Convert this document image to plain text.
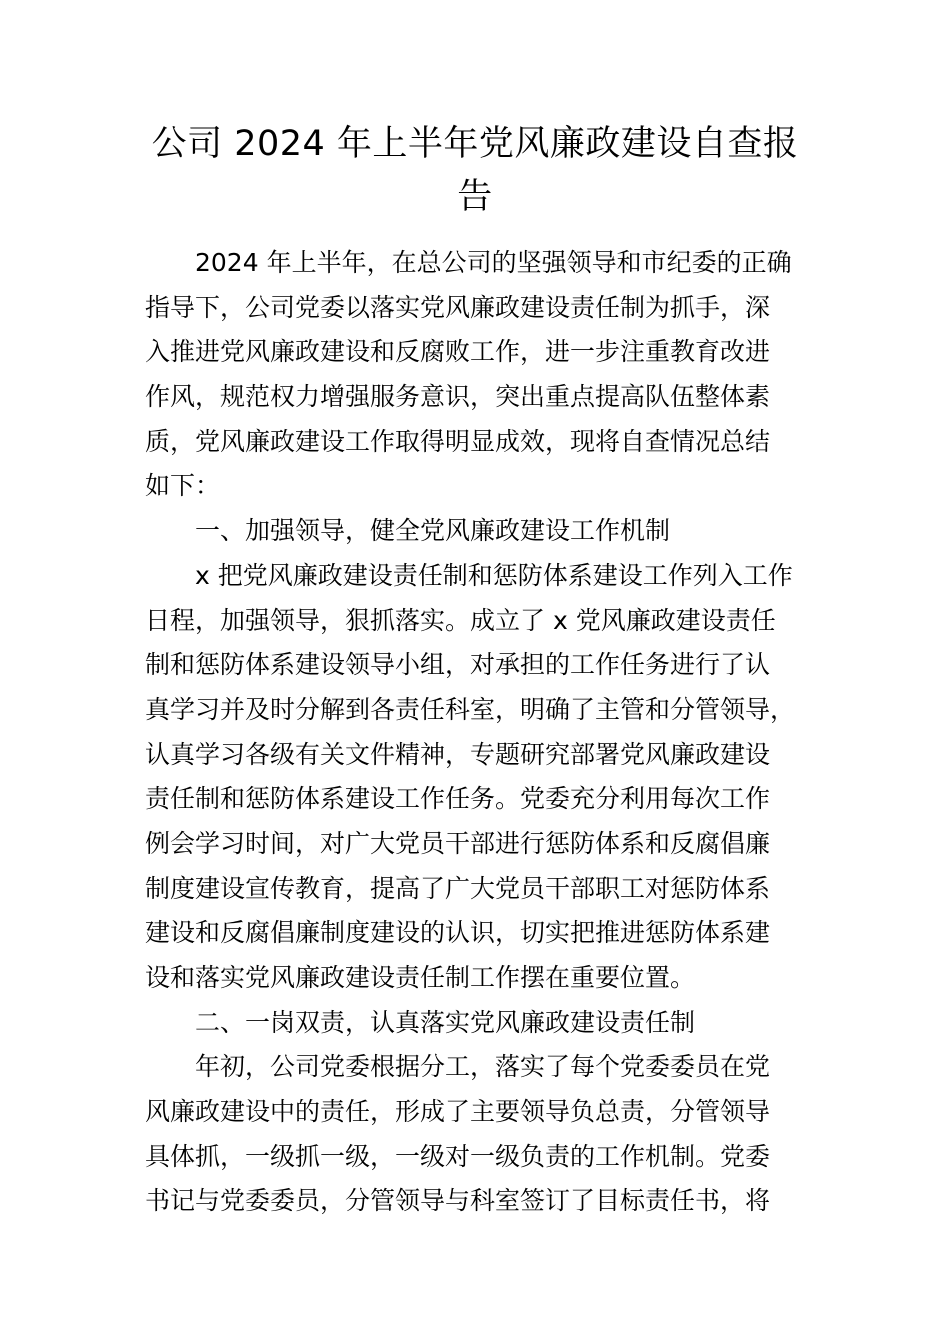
公司 2024 年上半年党风廉政建设自查报
告
2024 年上半年，在总公司的坚强领导和市纪委的正确
指导下，公司党委以落实党风廉政建设责任制为抓手，深
入推进党风廉政建设和反腐败工作，进一步注重教育改进
作风，规范权力增强服务意识，突出重点提高队伍整体素
质，党风廉政建设工作取得明显成效，现将自查情况总结
如下：
一、加强领导，健全党风廉政建设工作机制
x 把党风廉政建设责任制和惩防体系建设工作列入工作
日程，加强领导，狠抓落实。成立了 x 党风廉政建设责任
制和惩防体系建设领导小组，对承担的工作任务进行了认
真学习并及时分解到各责任科室，明确了主管和分管领导，
认真学习各级有关文件精神，专题研究部署党风廉政建设
责任制和惩防体系建设工作任务。党委充分利用每次工作
例会学习时间，对广大党员干部进行惩防体系和反腐倡廉
制度建设宣传教育，提高了广大党员干部职工对惩防体系
建设和反腐倡廉制度建设的认识，切实把推进惩防体系建
设和落实党风廉政建设责任制工作摆在重要位置。
二、一岗双责，认真落实党风廉政建设责任制
年初，公司党委根据分工，落实了每个党委委员在党
风廉政建设中的责任，形成了主要领导负总责，分管领导
具体抓，一级抓一级，一级对一级负责的工作机制。党委
书记与党委委员，分管领导与科室签订了目标责任书，将
